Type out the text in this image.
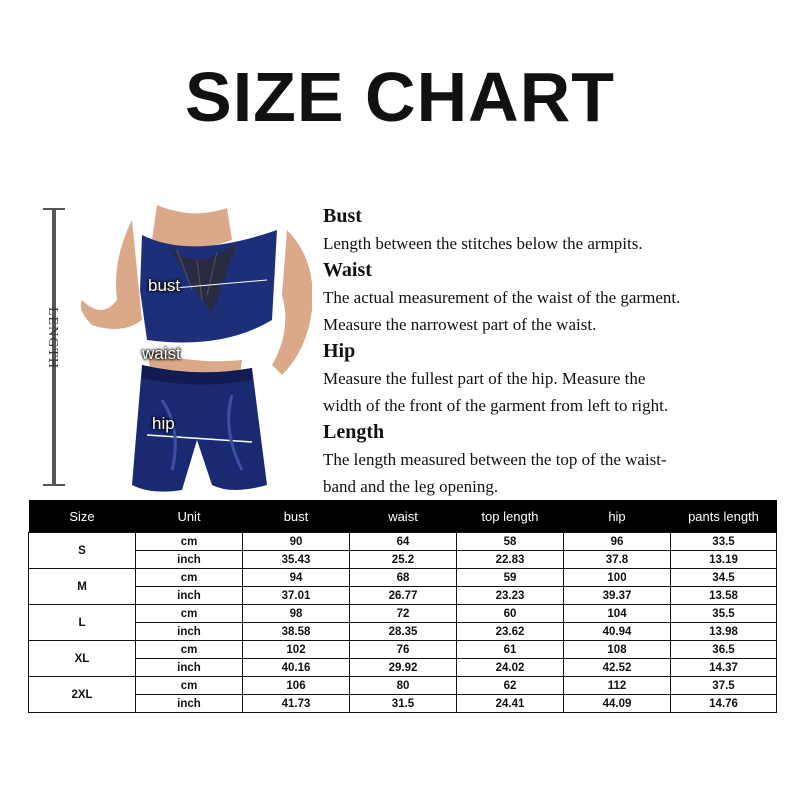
SIZE CHART
LENGTH
bust
waist
hip
Bust
Length between the stitches below the armpits.
Waist
The actual measurement of the waist of the garment.
Measure the narrowest part of the waist.
Hip
Measure the fullest part of the hip. Measure the
width of the front of the garment from left to right.
Length
The length measured between the top of the waist-
band and the leg opening.
Size	Unit	bust	waist	top length	hip	pants length
S	cm	90	64	58	96	33.5
	inch	35.43	25.2	22.83	37.8	13.19
M	cm	94	68	59	100	34.5
	inch	37.01	26.77	23.23	39.37	13.58
L	cm	98	72	60	104	35.5
	inch	38.58	28.35	23.62	40.94	13.98
XL	cm	102	76	61	108	36.5
	inch	40.16	29.92	24.02	42.52	14.37
2XL	cm	106	80	62	112	37.5
	inch	41.73	31.5	24.41	44.09	14.76
